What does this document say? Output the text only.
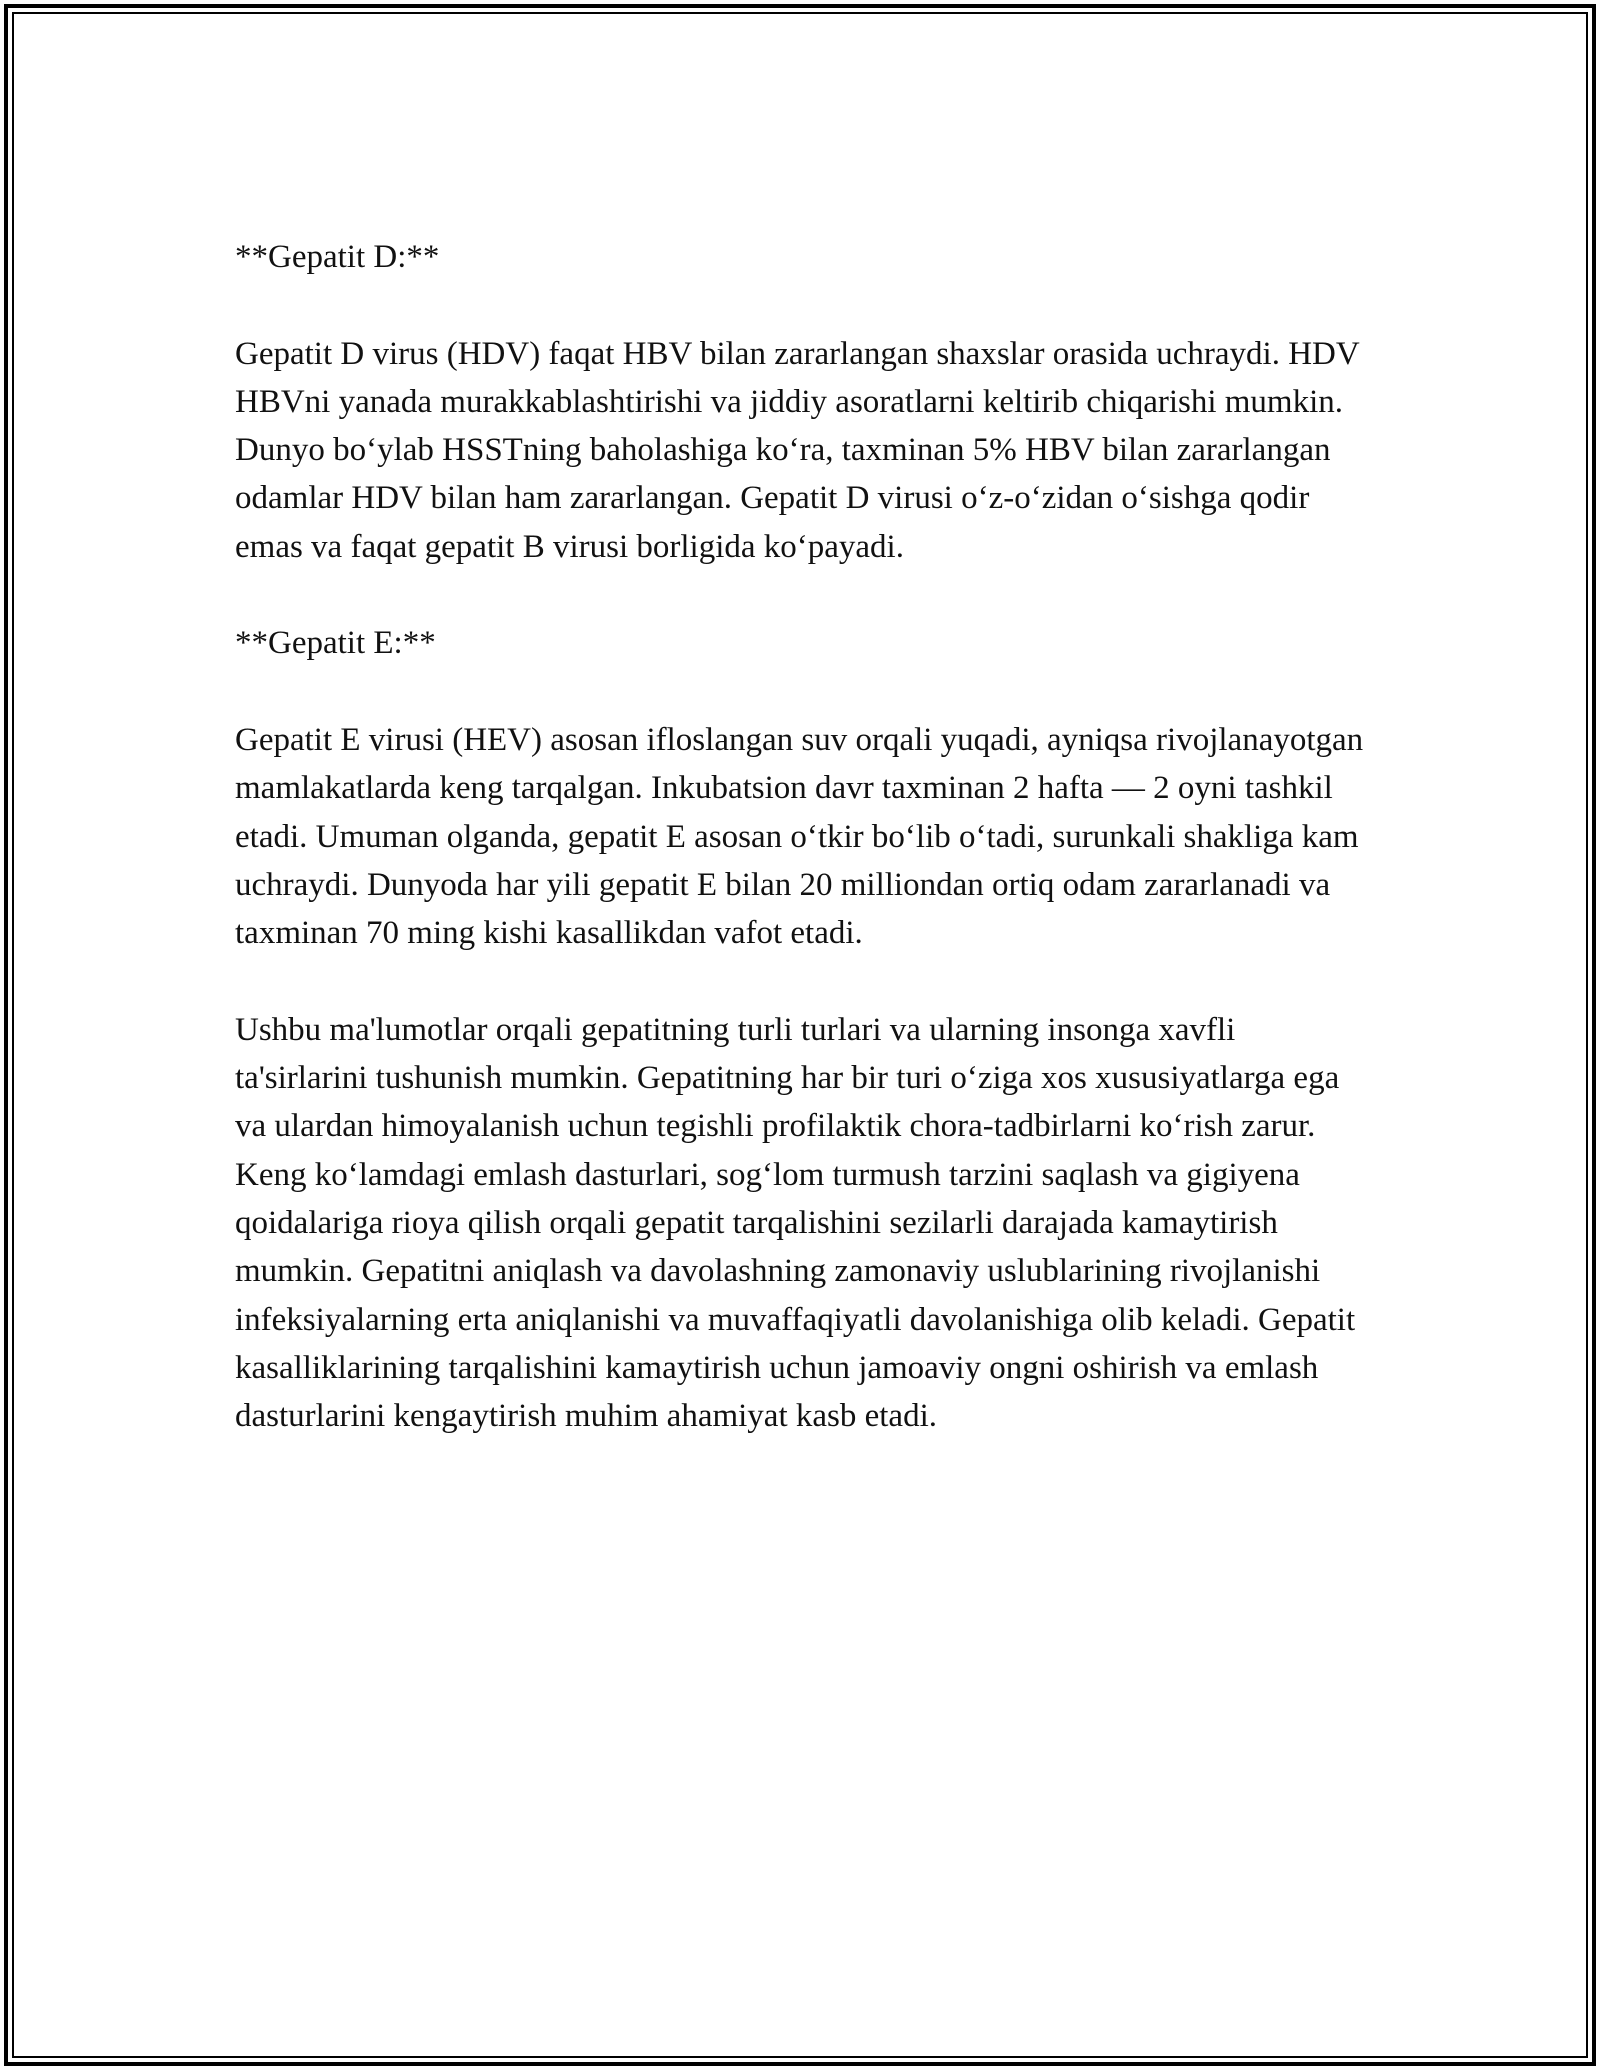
**Gepatit D:**

Gepatit D virus (HDV) faqat HBV bilan zararlangan shaxslar orasida uchraydi. HDV HBVni yanada murakkablashtirishi va jiddiy asoratlarni keltirib chiqarishi mumkin. Dunyo bo‘ylab HSSTning baholashiga ko‘ra, taxminan 5% HBV bilan zararlangan odamlar HDV bilan ham zararlangan. Gepatit D virusi o‘z-o‘zidan o‘sishga qodir emas va faqat gepatit B virusi borligida ko‘payadi.

**Gepatit E:**

Gepatit E virusi (HEV) asosan ifloslangan suv orqali yuqadi, ayniqsa rivojlanayotgan mamlakatlarda keng tarqalgan. Inkubatsion davr taxminan 2 hafta — 2 oyni tashkil etadi. Umuman olganda, gepatit E asosan o‘tkir bo‘lib o‘tadi, surunkali shakliga kam uchraydi. Dunyoda har yili gepatit E bilan 20 milliondan ortiq odam zararlanadi va taxminan 70 ming kishi kasallikdan vafot etadi.

Ushbu ma'lumotlar orqali gepatitning turli turlari va ularning insonga xavfli ta'sirlarini tushunish mumkin. Gepatitning har bir turi o‘ziga xos xususiyatlarga ega va ulardan himoyalanish uchun tegishli profilaktik chora-tadbirlarni ko‘rish zarur. Keng ko‘lamdagi emlash dasturlari, sog‘lom turmush tarzini saqlash va gigiyena qoidalariga rioya qilish orqali gepatit tarqalishini sezilarli darajada kamaytirish mumkin. Gepatitni aniqlash va davolashning zamonaviy uslublarining rivojlanishi infeksiyalarning erta aniqlanishi va muvaffaqiyatli davolanishiga olib keladi. Gepatit kasalliklarining tarqalishini kamaytirish uchun jamoaviy ongni oshirish va emlash dasturlarini kengaytirish muhim ahamiyat kasb etadi.
